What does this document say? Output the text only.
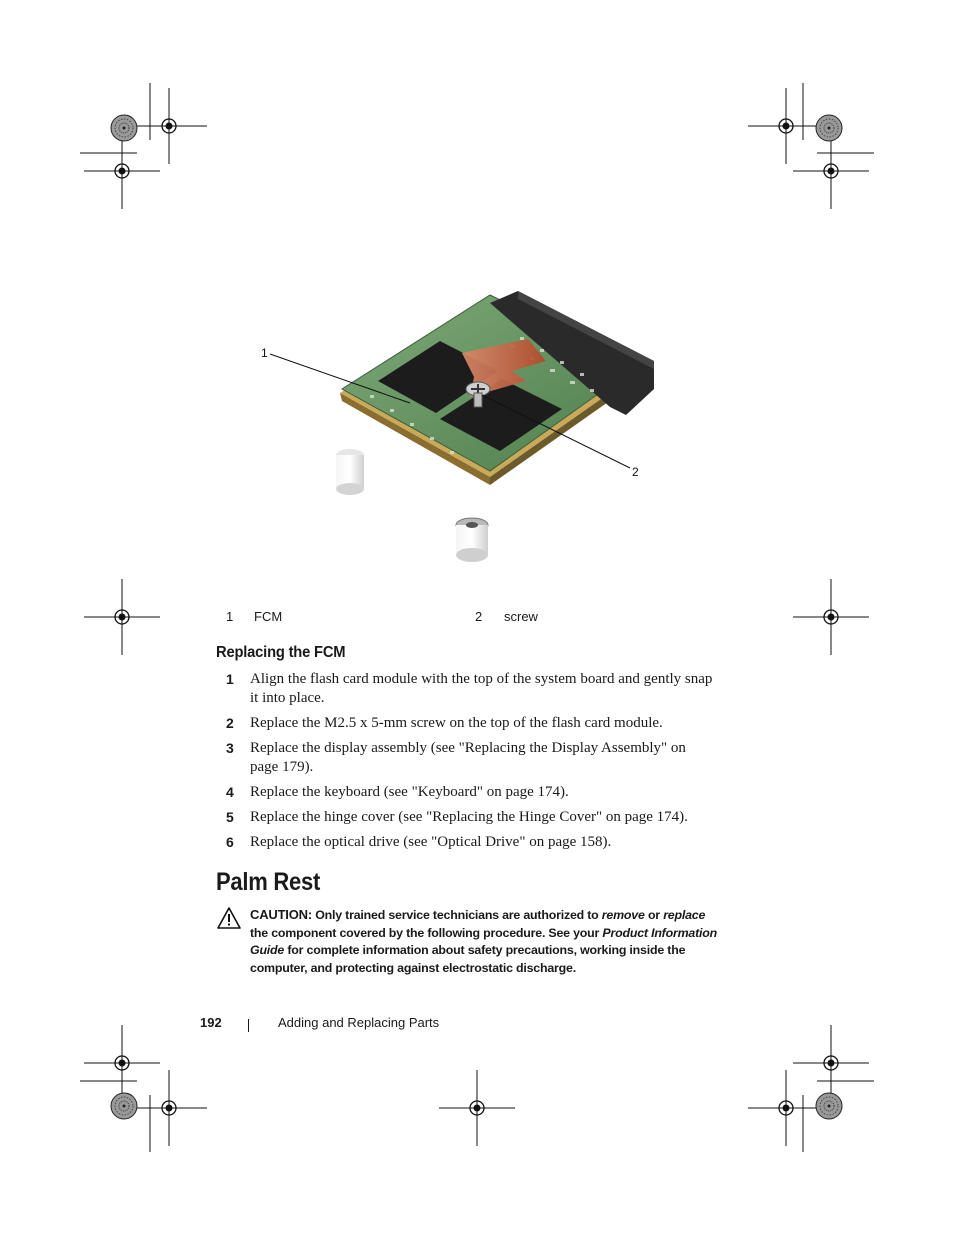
1
2
1 FCM	2 screw
Replacing the FCM
1 Align the flash card module with the top of the system board and gently snap it into place.
2 Replace the M2.5 x 5-mm screw on the top of the flash card module.
3 Replace the display assembly (see "Replacing the Display Assembly" on page 179).
4 Replace the keyboard (see "Keyboard" on page 174).
5 Replace the hinge cover (see "Replacing the Hinge Cover" on page 174).
6 Replace the optical drive (see "Optical Drive" on page 158).
Palm Rest
CAUTION: Only trained service technicians are authorized to remove or replace the component covered by the following procedure. See your Product Information Guide for complete information about safety precautions, working inside the computer, and protecting against electrostatic discharge.
192	Adding and Replacing Parts
